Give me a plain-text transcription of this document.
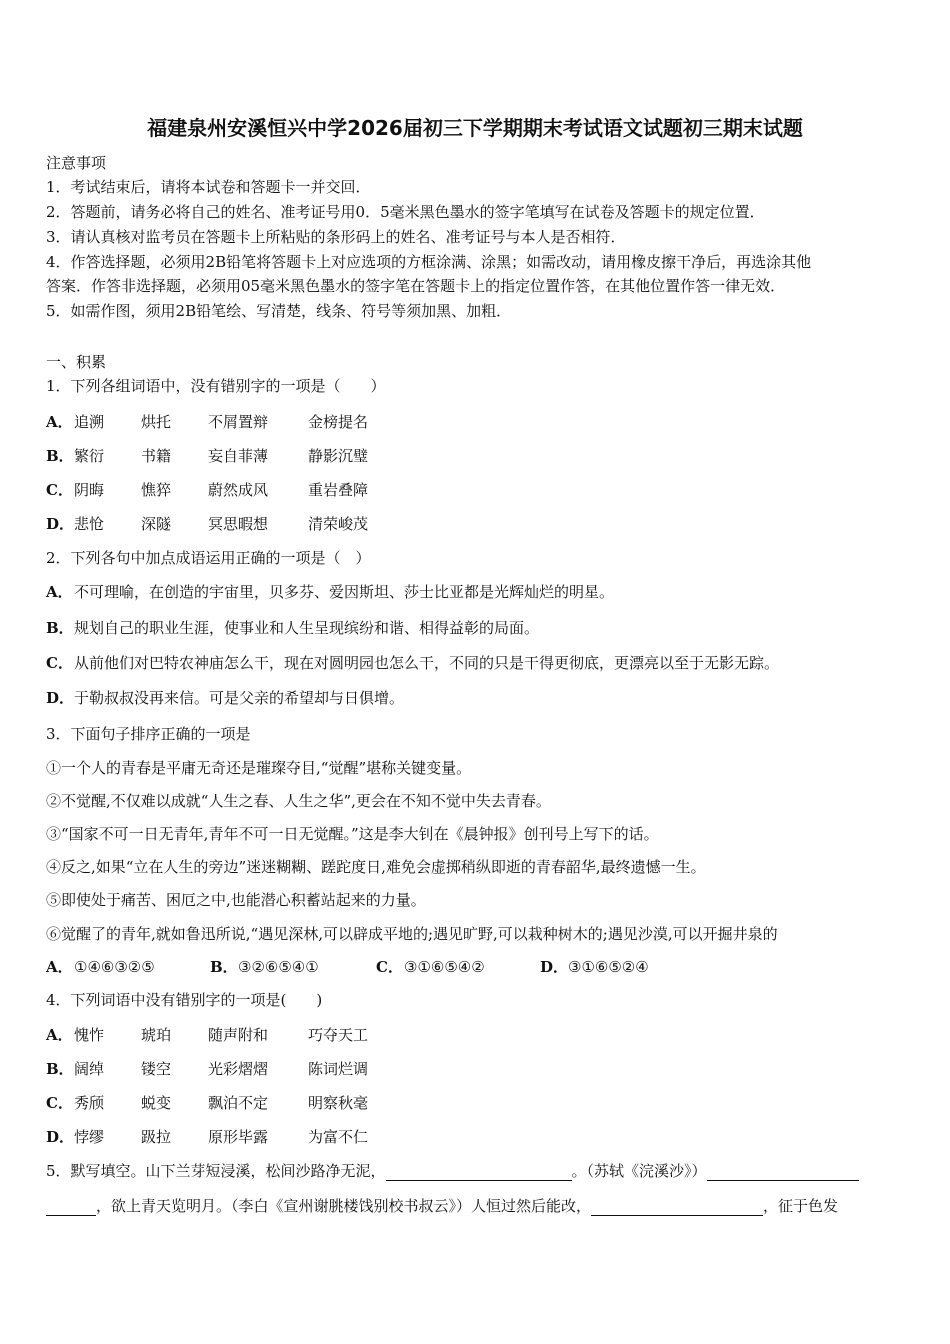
福建泉州安溪恒兴中学2026届初三下学期期末考试语文试题初三期末试题
注意事项
1．考试结束后，请将本试卷和答题卡一并交回．
2．答题前，请务必将自己的姓名、准考证号用0．5毫米黑色墨水的签字笔填写在试卷及答题卡的规定位置．
3．请认真核对监考员在答题卡上所粘贴的条形码上的姓名、准考证号与本人是否相符．
4．作答选择题，必须用2B铅笔将答题卡上对应选项的方框涂满、涂黑；如需改动，请用橡皮擦干净后，再选涂其他
答案．作答非选择题，必须用05毫米黑色墨水的签字笔在答题卡上的指定位置作答，在其他位置作答一律无效．
5．如需作图，须用2B铅笔绘、写清楚，线条、符号等须加黑、加粗．
一、积累
1．下列各组词语中，没有错别字的一项是（　　）
A．追溯 烘托 不屑置辩	金榜提名
B．繁衍 书籍 妄自菲薄	静影沉璧
C．阴晦 憔猝 蔚然成风	重岩叠障
D．悲怆 深隧 冥思暇想	清荣峻茂
2．下列各句中加点成语运用正确的一项是（　）
A．不可理喻，在创造的宇宙里，贝多芬、爱因斯坦、莎士比亚都是光辉灿烂的明星。
B．规划自己的职业生涯，使事业和人生呈现缤纷和谐、相得益彰的局面。
C．从前他们对巴特农神庙怎么干，现在对圆明园也怎么干，不同的只是干得更彻底，更漂亮以至于无影无踪。
D．于勒叔叔没再来信。可是父亲的希望却与日俱增。
3．下面句子排序正确的一项是
①一个人的青春是平庸无奇还是璀璨夺目,“觉醒”堪称关键变量。
②不觉醒,不仅难以成就“人生之春、人生之华”,更会在不知不觉中失去青春。
③“国家不可一日无青年,青年不可一日无觉醒。”这是李大钊在《晨钟报》创刊号上写下的话。
④反之,如果“立在人生的旁边”迷迷糊糊、蹉跎度日,难免会虚掷稍纵即逝的青春韶华,最终遗憾一生。
⑤即使处于痛苦、困厄之中,也能潜心积蓄站起来的力量。
⑥觉醒了的青年,就如鲁迅所说,“遇见深林,可以辟成平地的;遇见旷野,可以栽种树木的;遇见沙漠,可以开掘井泉的
A．①④⑥③②⑤	B．③②⑥⑤④①	C．③①⑥⑤④②	D．③①⑥⑤②④
4．下列词语中没有错别字的一项是(　　)
A．愧怍 琥珀 随声附和	巧夺天工
B．阔绰 镂空 光彩熠熠	陈词烂调
C．秀颀 蜕变 飘泊不定	明察秋毫
D．悖缪 趿拉 原形毕露	为富不仁
5．默写填空。山下兰芽短浸溪，松间沙路净无泥，	。（苏轼《浣溪沙》）
，欲上青天览明月。（李白《宣州谢朓楼饯别校书叔云》）人恒过然后能改，	，征于色发
